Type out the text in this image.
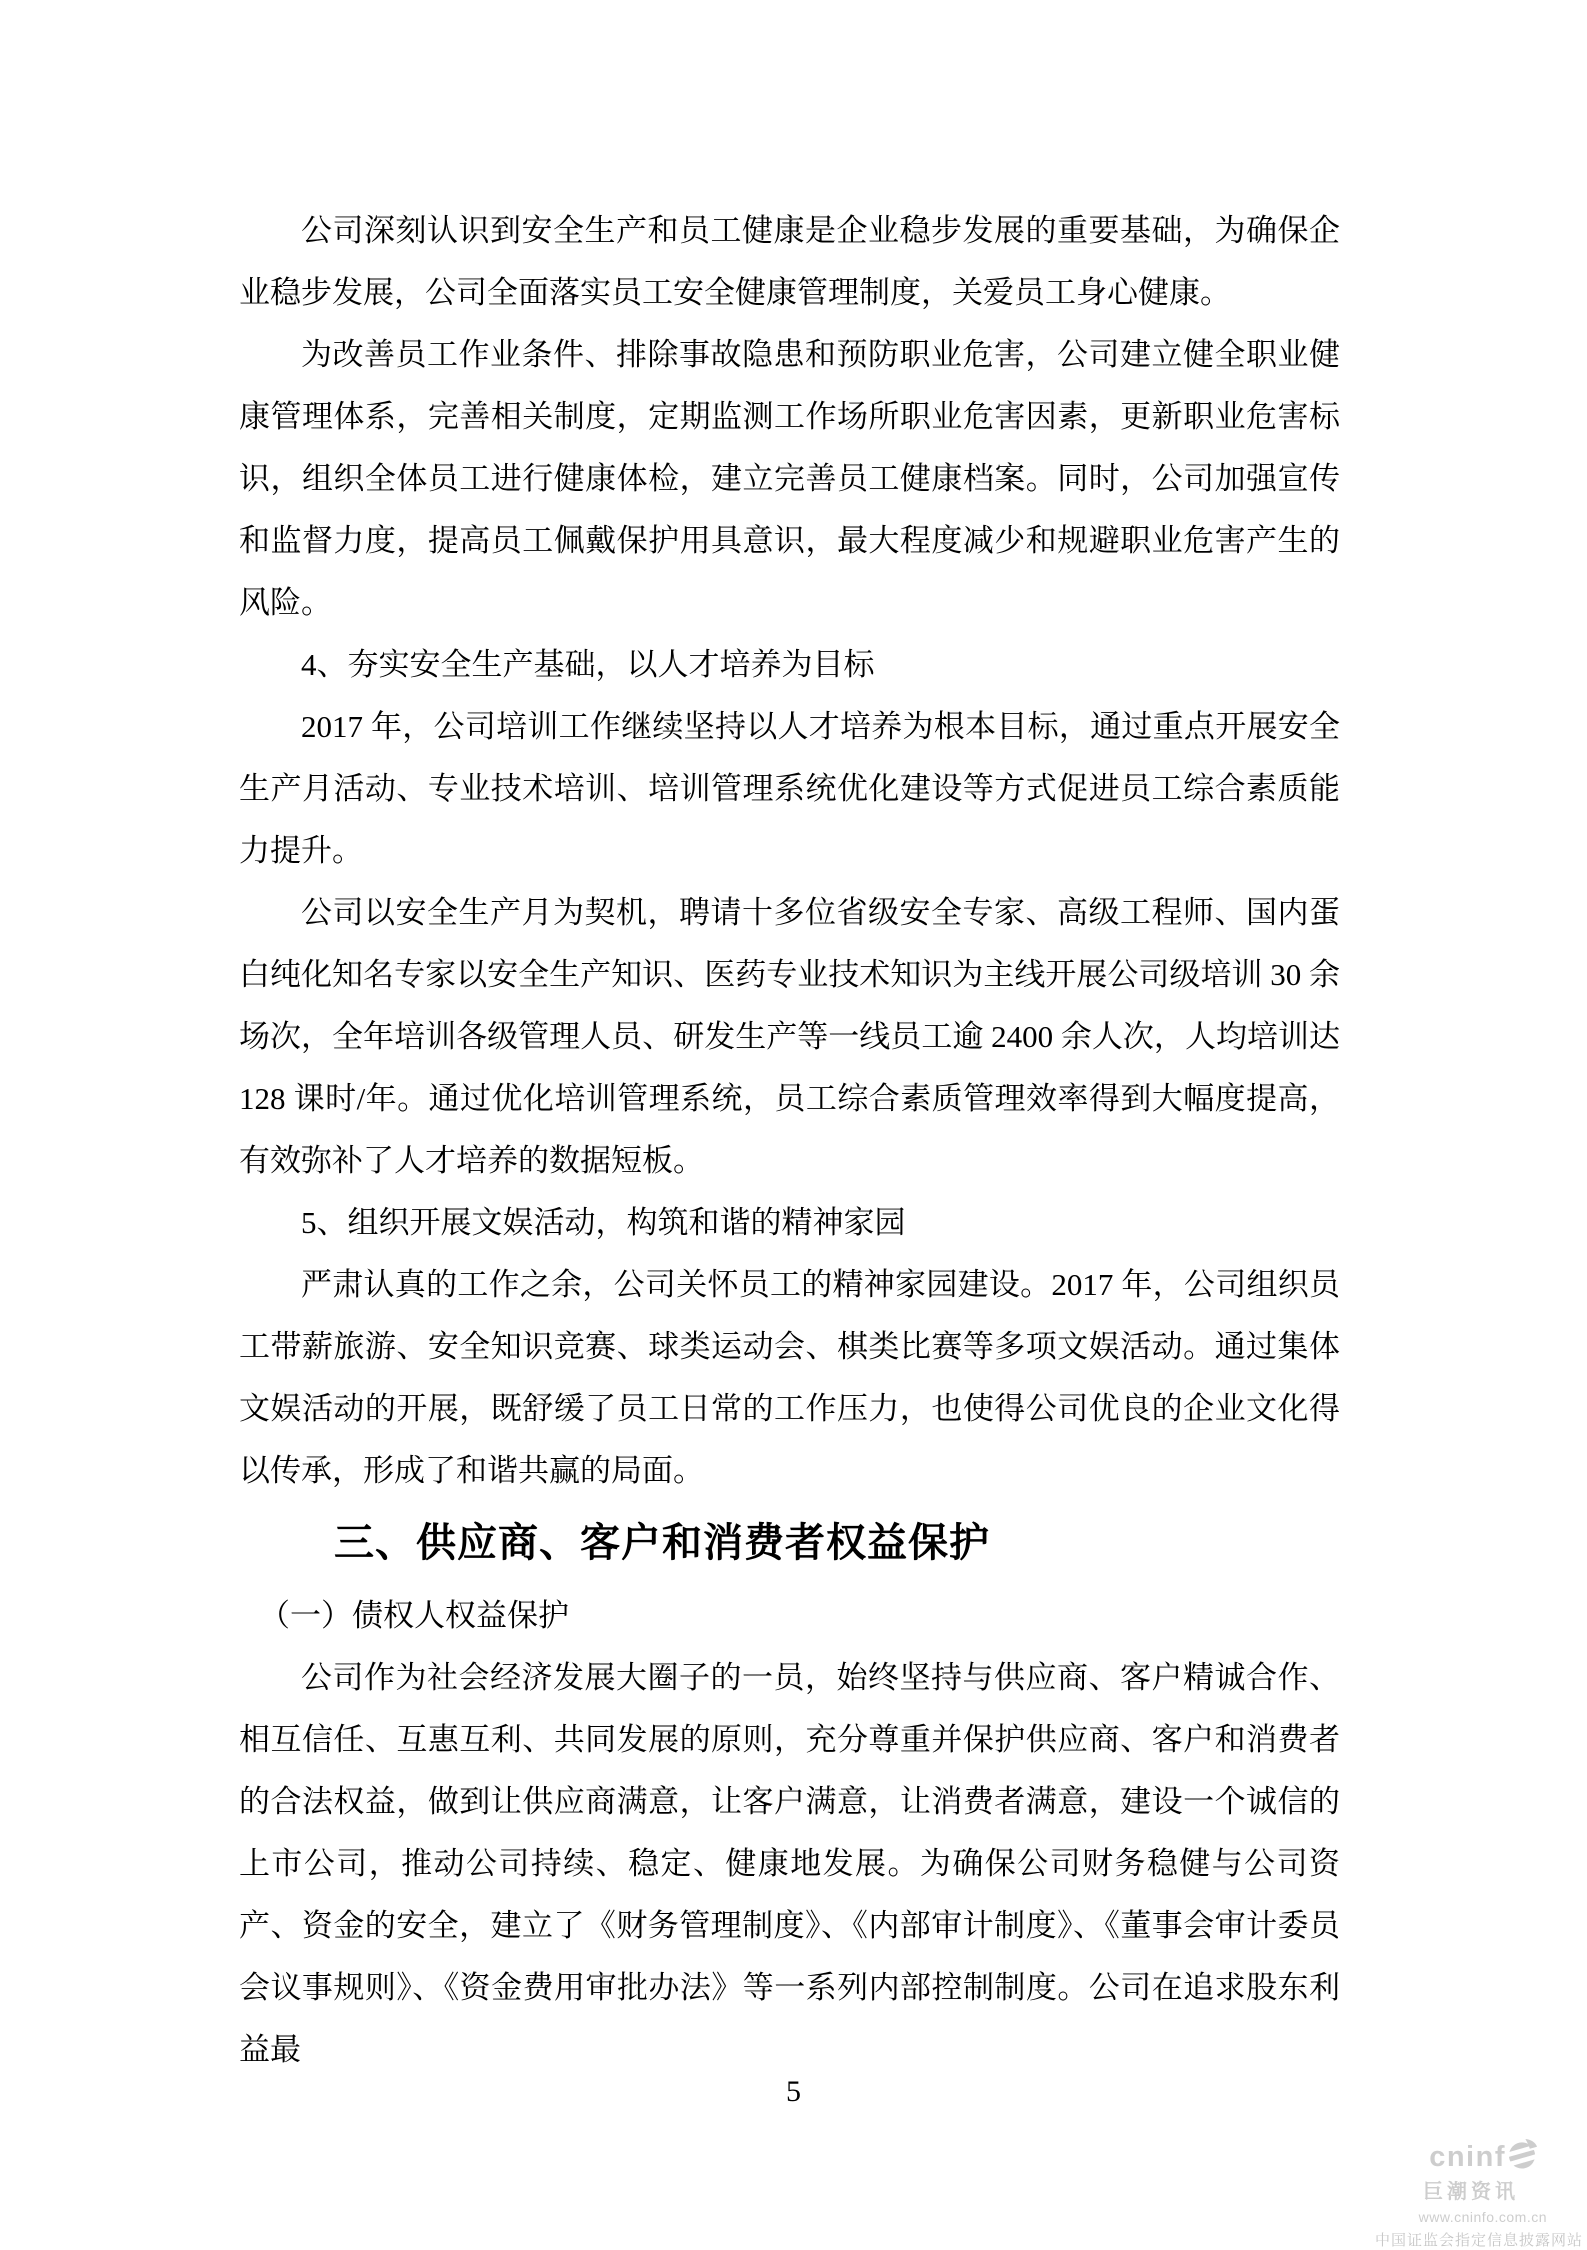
公司深刻认识到安全生产和员工健康是企业稳步发展的重要基础，为确保企业稳步发展，公司全面落实员工安全健康管理制度，关爱员工身心健康。

为改善员工作业条件、排除事故隐患和预防职业危害，公司建立健全职业健康管理体系，完善相关制度，定期监测工作场所职业危害因素，更新职业危害标识，组织全体员工进行健康体检，建立完善员工健康档案。同时，公司加强宣传和监督力度，提高员工佩戴保护用具意识，最大程度减少和规避职业危害产生的风险。

4、夯实安全生产基础，以人才培养为目标

2017 年，公司培训工作继续坚持以人才培养为根本目标，通过重点开展安全生产月活动、专业技术培训、培训管理系统优化建设等方式促进员工综合素质能力提升。

公司以安全生产月为契机，聘请十多位省级安全专家、高级工程师、国内蛋白纯化知名专家以安全生产知识、医药专业技术知识为主线开展公司级培训 30 余场次，全年培训各级管理人员、研发生产等一线员工逾 2400 余人次，人均培训达 128 课时/年。通过优化培训管理系统，员工综合素质管理效率得到大幅度提高，有效弥补了人才培养的数据短板。

5、组织开展文娱活动，构筑和谐的精神家园

严肃认真的工作之余，公司关怀员工的精神家园建设。2017 年，公司组织员工带薪旅游、安全知识竞赛、球类运动会、棋类比赛等多项文娱活动。通过集体文娱活动的开展，既舒缓了员工日常的工作压力，也使得公司优良的企业文化得以传承，形成了和谐共赢的局面。

三、供应商、客户和消费者权益保护

（一）债权人权益保护

公司作为社会经济发展大圈子的一员，始终坚持与供应商、客户精诚合作、相互信任、互惠互利、共同发展的原则，充分尊重并保护供应商、客户和消费者的合法权益，做到让供应商满意，让客户满意，让消费者满意，建设一个诚信的上市公司，推动公司持续、稳定、健康地发展。为确保公司财务稳健与公司资产、资金的安全，建立了《财务管理制度》、《内部审计制度》、《董事会审计委员会议事规则》、《资金费用审批办法》等一系列内部控制制度。公司在追求股东利益最

5
cninf
巨潮资讯
www.cninfo.com.cn
中国证监会指定信息披露网站
